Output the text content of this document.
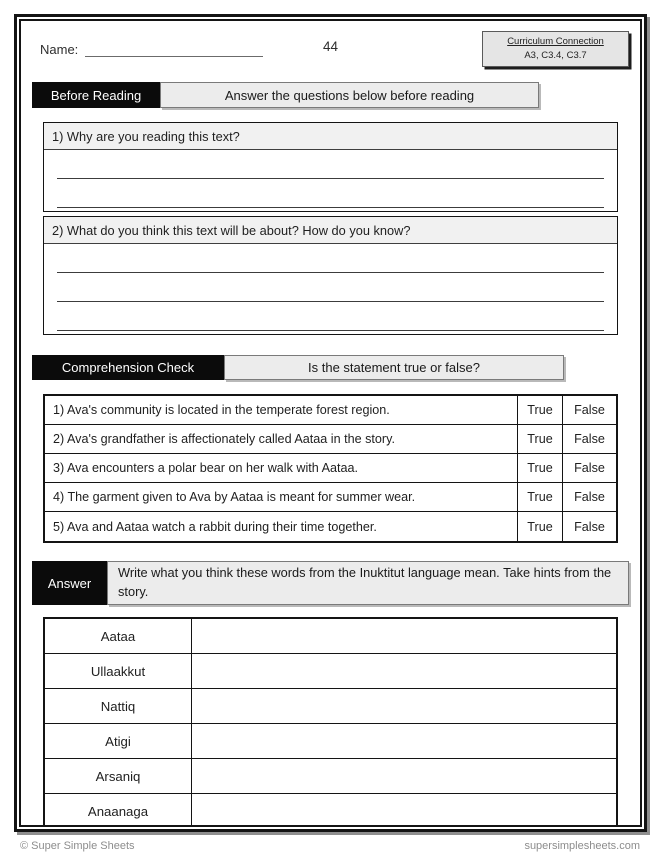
Name:	44	Curriculum Connection
A3, C3.4, C3.7
Before Reading	Answer the questions below before reading
1) Why are you reading this text?
2) What do you think this text will be about? How do you know?
Comprehension Check	Is the statement true or false?
1) Ava's community is located in the temperate forest region.	True	False
2) Ava's grandfather is affectionately called Aataa in the story.	True	False
3) Ava encounters a polar bear on her walk with Aataa.	True	False
4) The garment given to Ava by Aataa is meant for summer wear.	True	False
5) Ava and Aataa watch a rabbit during their time together.	True	False
Answer
Write what you think these words from the Inuktitut language mean. Take hints from the story.
Aataa
Ullaakkut
Nattiq
Atigi
Arsaniq
Anaanaga
© Super Simple Sheets	supersimplesheets.com
